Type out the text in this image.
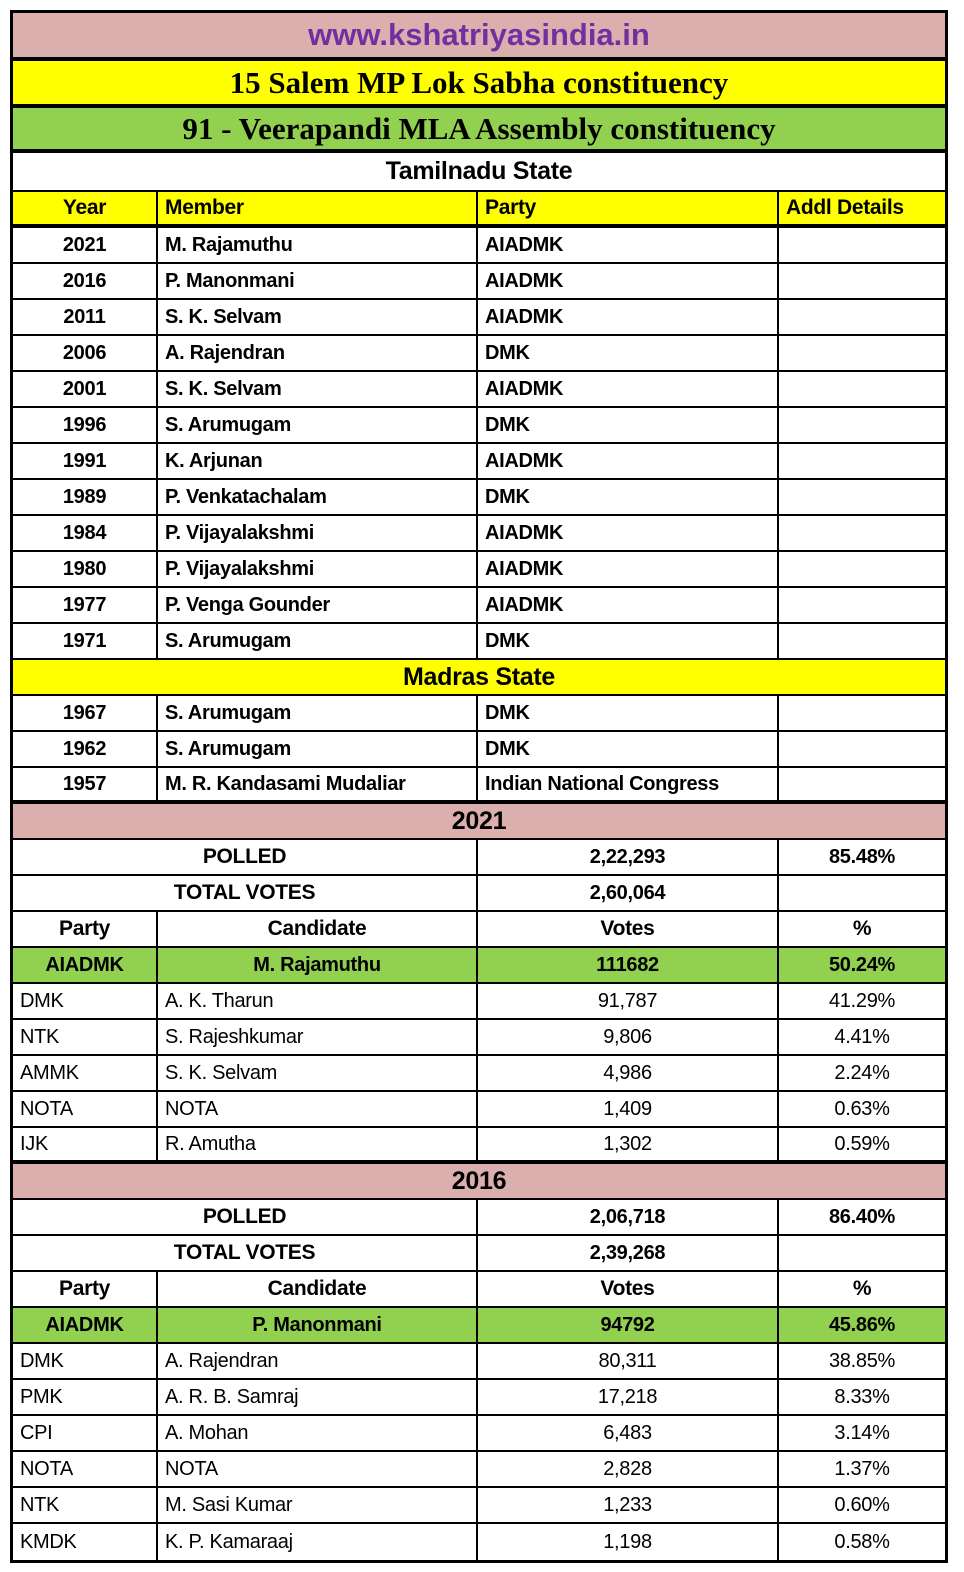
www.kshatriyasindia.in
15 Salem MP Lok Sabha constituency
91 - Veerapandi MLA Assembly constituency
Tamilnadu State
Year	Member	Party	Addl Details
2021	M. Rajamuthu	AIADMK
2016	P. Manonmani	AIADMK
2011	S. K. Selvam	AIADMK
2006	A. Rajendran	DMK
2001	S. K. Selvam	AIADMK
1996	S. Arumugam	DMK
1991	K. Arjunan	AIADMK
1989	P. Venkatachalam	DMK
1984	P. Vijayalakshmi	AIADMK
1980	P. Vijayalakshmi	AIADMK
1977	P. Venga Gounder	AIADMK
1971	S. Arumugam	DMK
Madras State
1967	S. Arumugam	DMK
1962	S. Arumugam	DMK
1957	M. R. Kandasami Mudaliar	Indian National Congress
2021
POLLED	2,22,293	85.48%
TOTAL VOTES	2,60,064
Party	Candidate	Votes	%
AIADMK	M. Rajamuthu	111682	50.24%
DMK	A. K. Tharun	91,787	41.29%
NTK	S. Rajeshkumar	9,806	4.41%
AMMK	S. K. Selvam	4,986	2.24%
NOTA	NOTA	1,409	0.63%
IJK	R. Amutha	1,302	0.59%
2016
POLLED	2,06,718	86.40%
TOTAL VOTES	2,39,268
Party	Candidate	Votes	%
AIADMK	P. Manonmani	94792	45.86%
DMK	A. Rajendran	80,311	38.85%
PMK	A. R. B. Samraj	17,218	8.33%
CPI	A. Mohan	6,483	3.14%
NOTA	NOTA	2,828	1.37%
NTK	M. Sasi Kumar	1,233	0.60%
KMDK	K. P. Kamaraaj	1,198	0.58%
